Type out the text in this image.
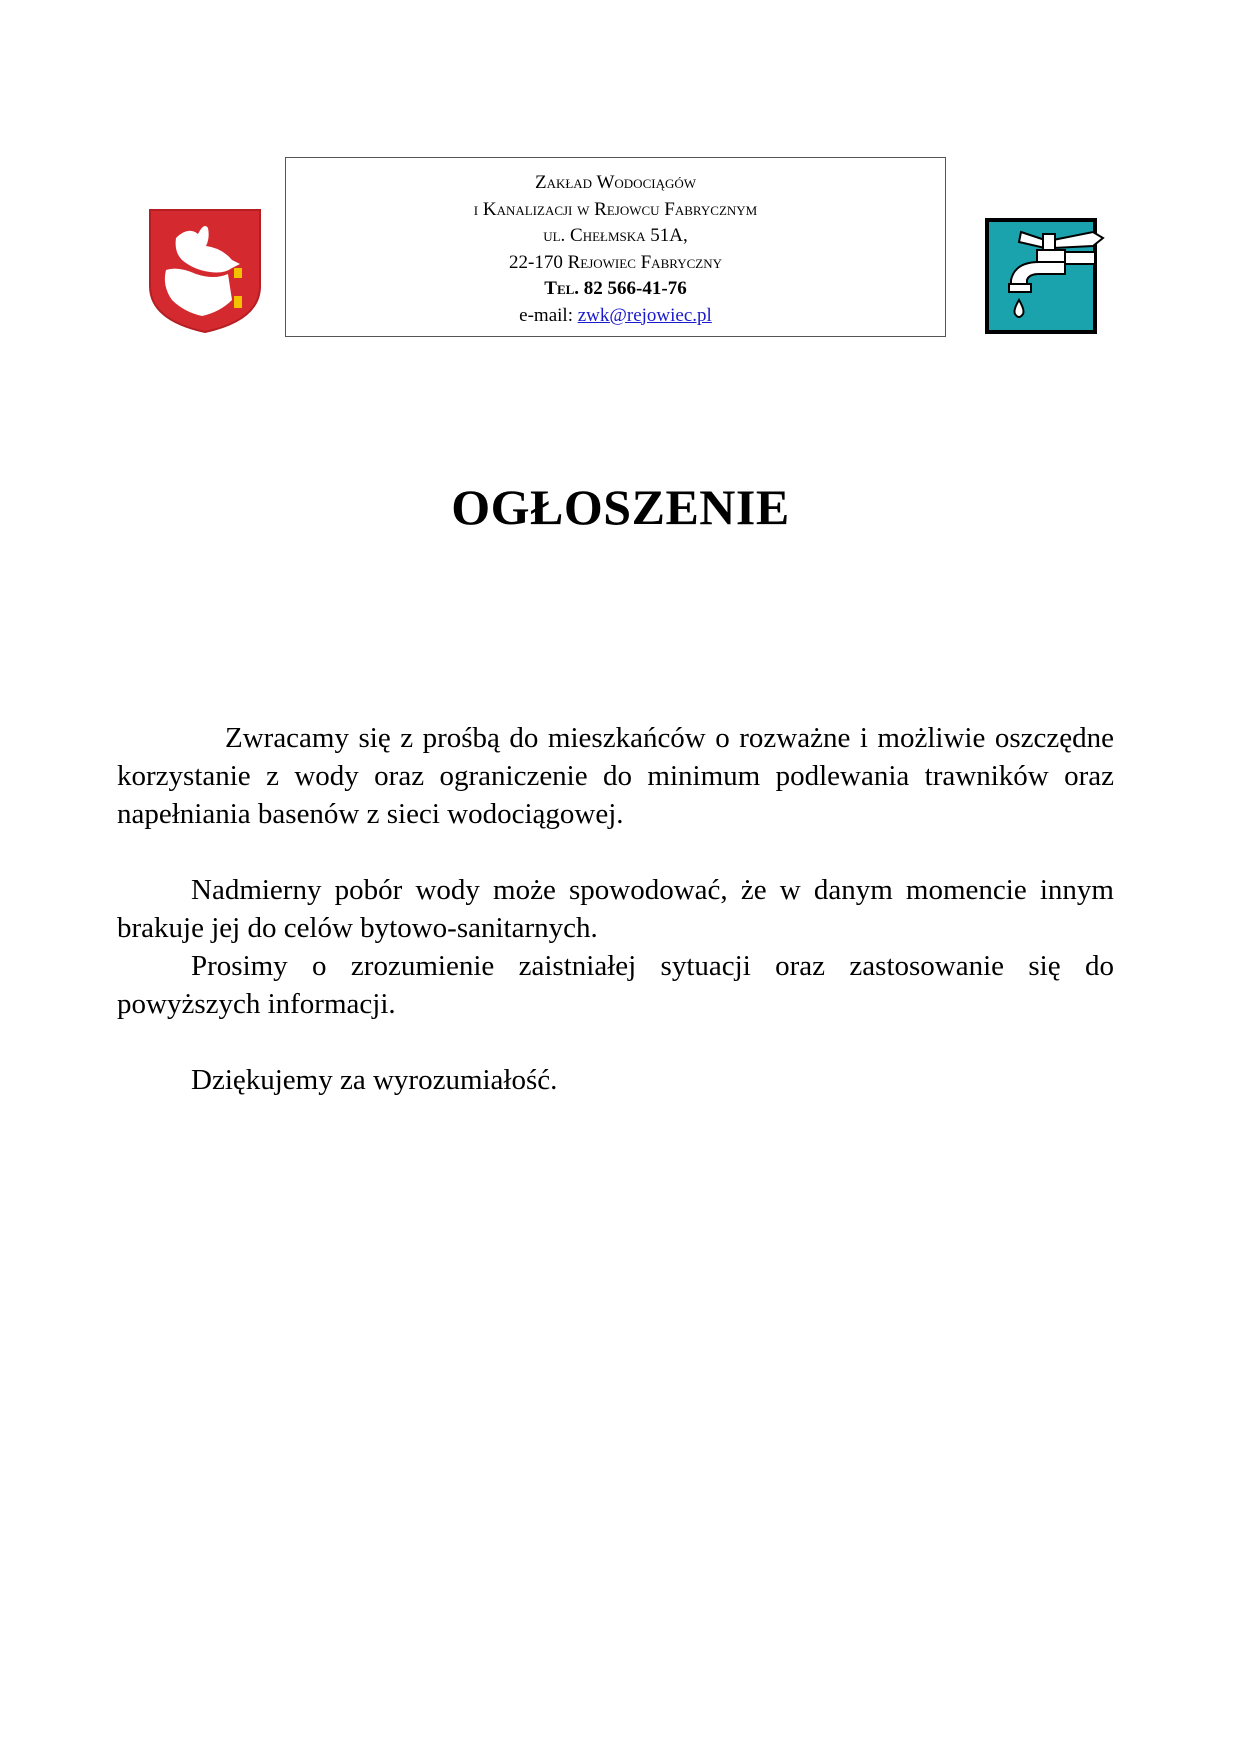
Zakład Wodociągów
i Kanalizacji w Rejowcu Fabrycznym
ul. Chełmska 51A,
22-170 Rejowiec Fabryczny
Tel. 82 566-41-76
e-mail: zwk@rejowiec.pl
OGŁOSZENIE

Zwracamy się z prośbą do mieszkańców o rozważne i możliwie oszczędne korzystanie z wody oraz ograniczenie do minimum podlewania trawników oraz napełniania basenów z sieci wodociągowej.

Nadmierny pobór wody może spowodować, że w danym momencie innym brakuje jej do celów bytowo-sanitarnych.

Prosimy o zrozumienie zaistniałej sytuacji oraz zastosowanie się do powyższych informacji.

Dziękujemy za wyrozumiałość.
